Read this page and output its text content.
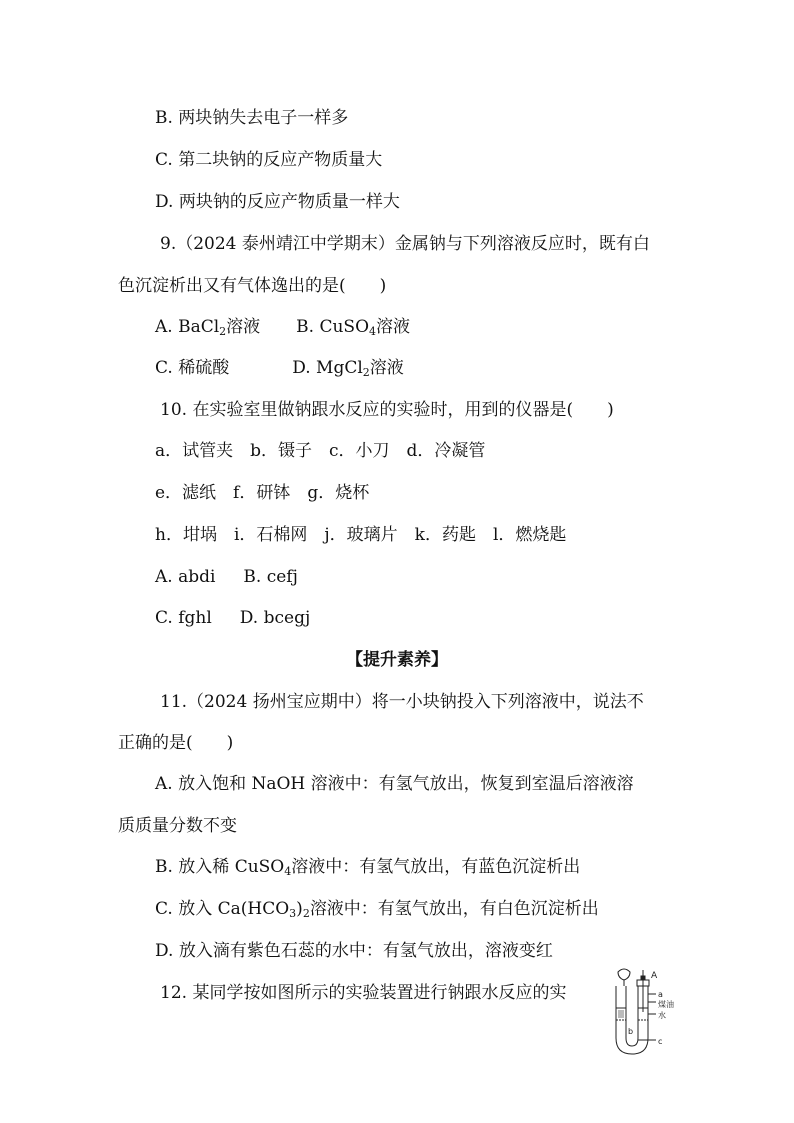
B. 两块钠失去电子一样多
C. 第二块钠的反应产物质量大
D. 两块钠的反应产物质量一样大
9.（2024 泰州靖江中学期末）金属钠与下列溶液反应时，既有白
色沉淀析出又有气体逸出的是(　　)
A. BaCl$_2$溶液 B. CuSO$_4$溶液
C. 稀硫酸	D. MgCl$_2$溶液
10. 在实验室里做钠跟水反应的实验时，用到的仪器是(　　)
a．试管夹　b．镊子　c．小刀　d．冷凝管
e．滤纸　f．研钵　g．烧杯
h．坩埚　i．石棉网　j．玻璃片　k．药匙　l．燃烧匙
A. abdi B. cefj
C. fghl D. bcegj
【提升素养】
11.（2024 扬州宝应期中）将一小块钠投入下列溶液中，说法不
正确的是(　　)
A. 放入饱和 NaOH 溶液中：有氢气放出，恢复到室温后溶液溶
质质量分数不变
B. 放入稀 CuSO$_4$溶液中：有氢气放出，有蓝色沉淀析出
C. 放入 $Ca(HCO_3)_2$溶液中：有氢气放出，有白色沉淀析出
D. 放入滴有紫色石蕊的水中：有氢气放出，溶液变红
12. 某同学按如图所示的实验装置进行钠跟水反应的实
A
a
煤油
水
b
c
